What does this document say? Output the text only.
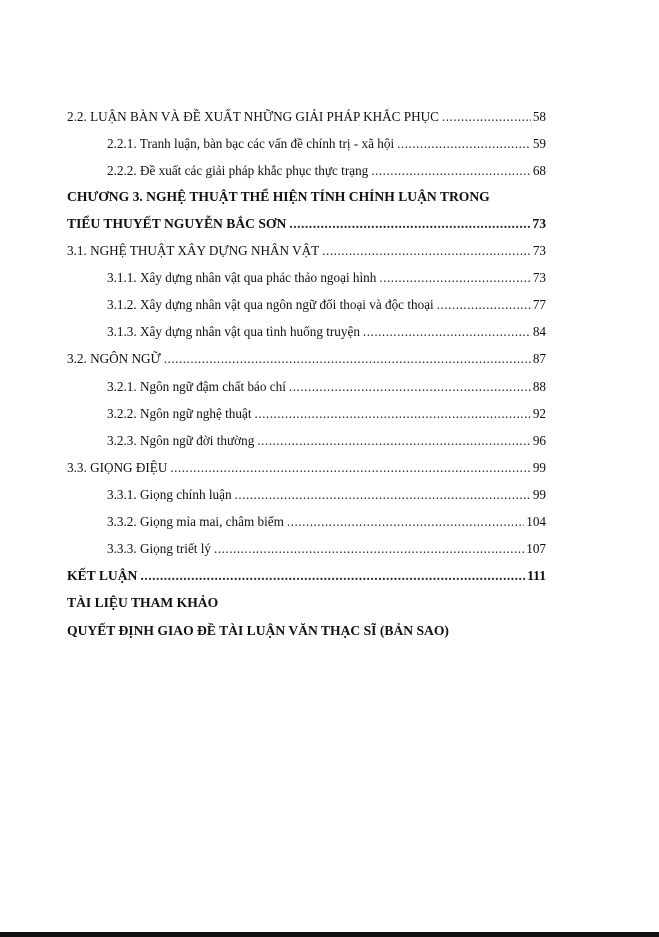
2.2. LUẬN BÀN VÀ ĐỀ XUẤT NHỮNG GIẢI PHÁP KHẮC PHỤC .....	58
2.2.1. Tranh luận, bàn bạc các vấn đề chính trị - xã hội .....	59
2.2.2. Đề xuất các giải pháp khắc phục thực trạng .....	68
CHƯƠNG 3. NGHỆ THUẬT THỂ HIỆN TÍNH CHÍNH LUẬN TRONG
TIỂU THUYẾT NGUYỄN BẮC SƠN .....	73
3.1. NGHỆ THUẬT XÂY DỰNG NHÂN VẬT .....	73
3.1.1. Xây dựng nhân vật qua phác thảo ngoại hình .....	73
3.1.2. Xây dựng nhân vật qua ngôn ngữ đối thoại và độc thoại .....	77
3.1.3. Xây dựng nhân vật qua tình huống truyện .....	84
3.2. NGÔN NGỮ .....	87
3.2.1. Ngôn ngữ đậm chất báo chí .....	88
3.2.2. Ngôn ngữ nghệ thuật .....	92
3.2.3. Ngôn ngữ đời thường .....	96
3.3. GIỌNG ĐIỆU .....	99
3.3.1. Giọng chính luận .....	99
3.3.2. Giọng mỉa mai, châm biếm .....	104
3.3.3. Giọng triết lý .....	107
KẾT LUẬN .....	111
TÀI LIỆU THAM KHẢO
QUYẾT ĐỊNH GIAO ĐỀ TÀI LUẬN VĂN THẠC SĨ (BẢN SAO)
